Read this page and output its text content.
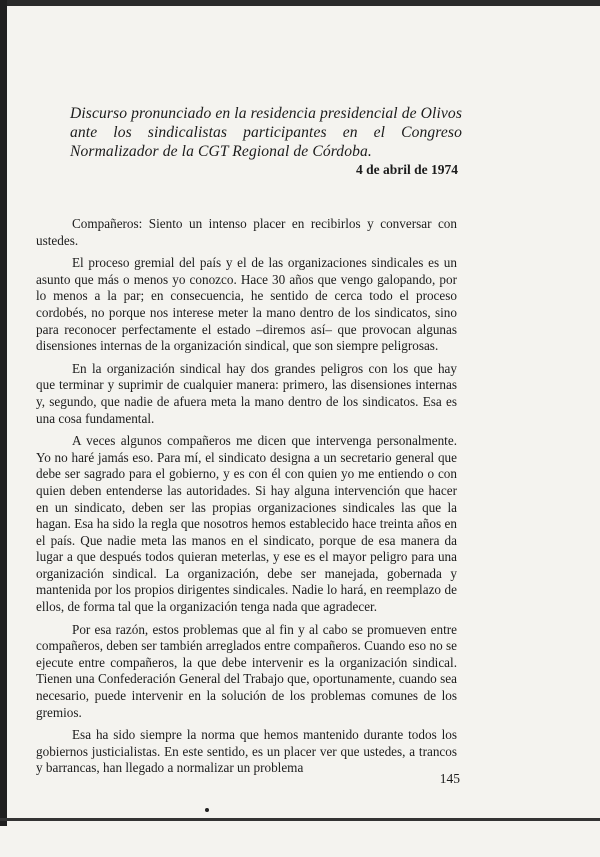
Discurso pronunciado en la residencia presidencial de Olivos ante los sindicalistas participantes en el Congreso Normalizador de la CGT Regional de Córdoba.
4 de abril de 1974

Compañeros: Siento un intenso placer en recibirlos y conversar con ustedes.

El proceso gremial del país y el de las organizaciones sindicales es un asunto que más o menos yo conozco. Hace 30 años que vengo galopando, por lo menos a la par; en consecuencia, he sentido de cerca todo el proceso cordobés, no porque nos interese meter la mano dentro de los sindicatos, sino para reconocer perfectamente el estado –diremos así– que provocan algunas disensiones internas de la organización sindical, que son siempre peligrosas.

En la organización sindical hay dos grandes peligros con los que hay que terminar y suprimir de cualquier manera: primero, las disensiones internas y, segundo, que nadie de afuera meta la mano dentro de los sindicatos. Esa es una cosa fundamental.

A veces algunos compañeros me dicen que intervenga personalmente. Yo no haré jamás eso. Para mí, el sindicato designa a un secretario general que debe ser sagrado para el gobierno, y es con él con quien yo me entiendo o con quien deben entenderse las autoridades. Si hay alguna intervención que hacer en un sindicato, deben ser las propias organizaciones sindicales las que la hagan. Esa ha sido la regla que nosotros hemos establecido hace treinta años en el país. Que nadie meta las manos en el sindicato, porque de esa manera da lugar a que después todos quieran meterlas, y ese es el mayor peligro para una organización sindical. La organización, debe ser manejada, gobernada y mantenida por los propios dirigentes sindicales. Nadie lo hará, en reemplazo de ellos, de forma tal que la organización tenga nada que agradecer.

Por esa razón, estos problemas que al fin y al cabo se promueven entre compañeros, deben ser también arreglados entre compañeros. Cuando eso no se ejecute entre compañeros, la que debe intervenir es la organización sindical. Tienen una Confederación General del Trabajo que, oportunamente, cuando sea necesario, puede intervenir en la solución de los problemas comunes de los gremios.

Esa ha sido siempre la norma que hemos mantenido durante todos los gobiernos justicialistas. En este sentido, es un placer ver que ustedes, a trancos y barrancas, han llegado a normalizar un problema

145
